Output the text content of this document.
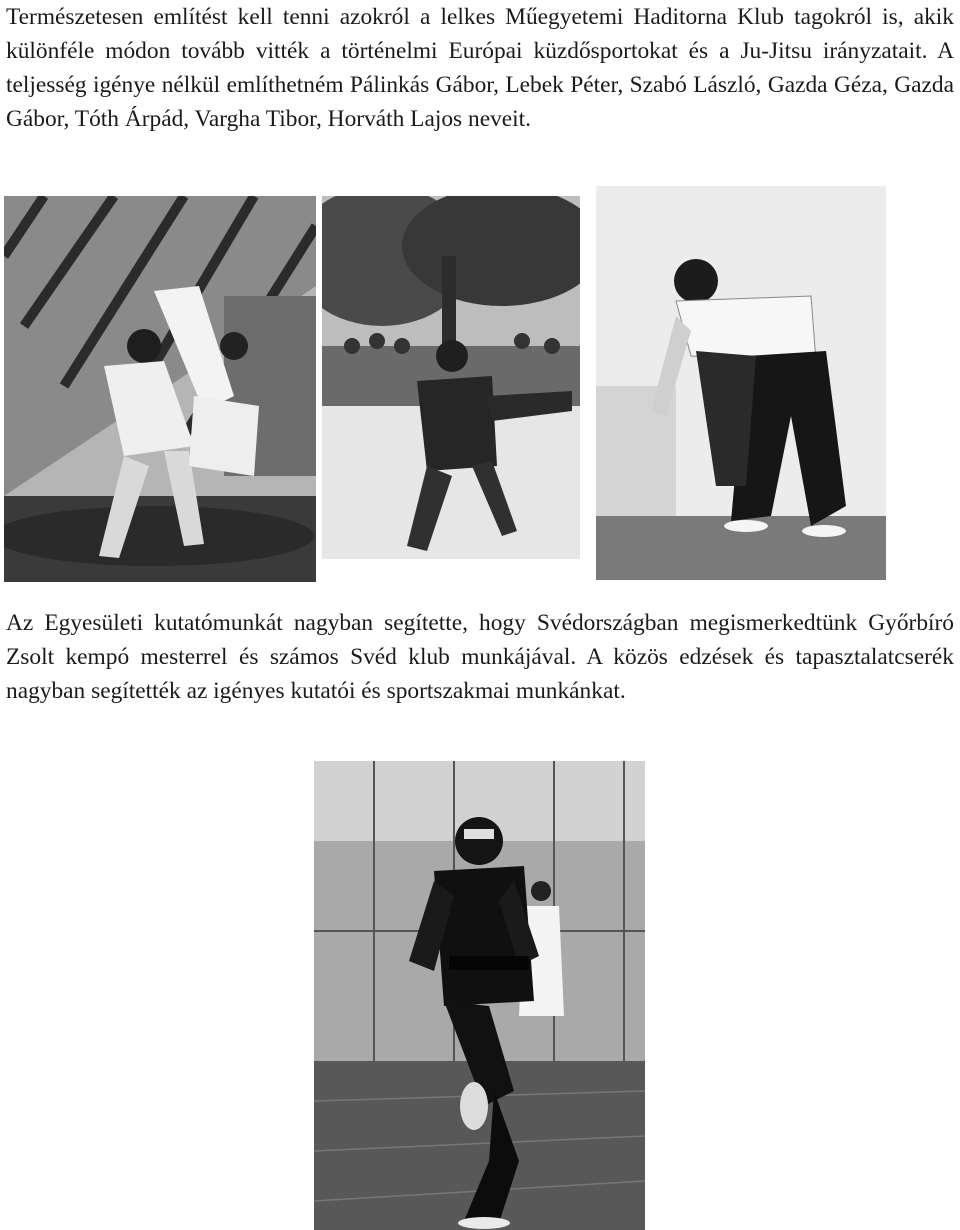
Természetesen említést kell tenni azokról a lelkes Műegyetemi Haditorna Klub tagokról is, akik különféle módon tovább vitték a történelmi Európai küzdősportokat és a Ju-Jitsu irányzatait. A teljesség igénye nélkül említhetném Pálinkás Gábor, Lebek Péter, Szabó László, Gazda Géza, Gazda Gábor, Tóth Árpád, Vargha Tibor, Horváth Lajos neveit.

Az Egyesületi kutatómunkát nagyban segítette, hogy Svédországban megismerkedtünk Győrbíró Zsolt kempó mesterrel és számos Svéd klub munkájával. A közös edzések és tapasztalatcserék nagyban segítették az igényes kutatói és sportszakmai munkánkat.
